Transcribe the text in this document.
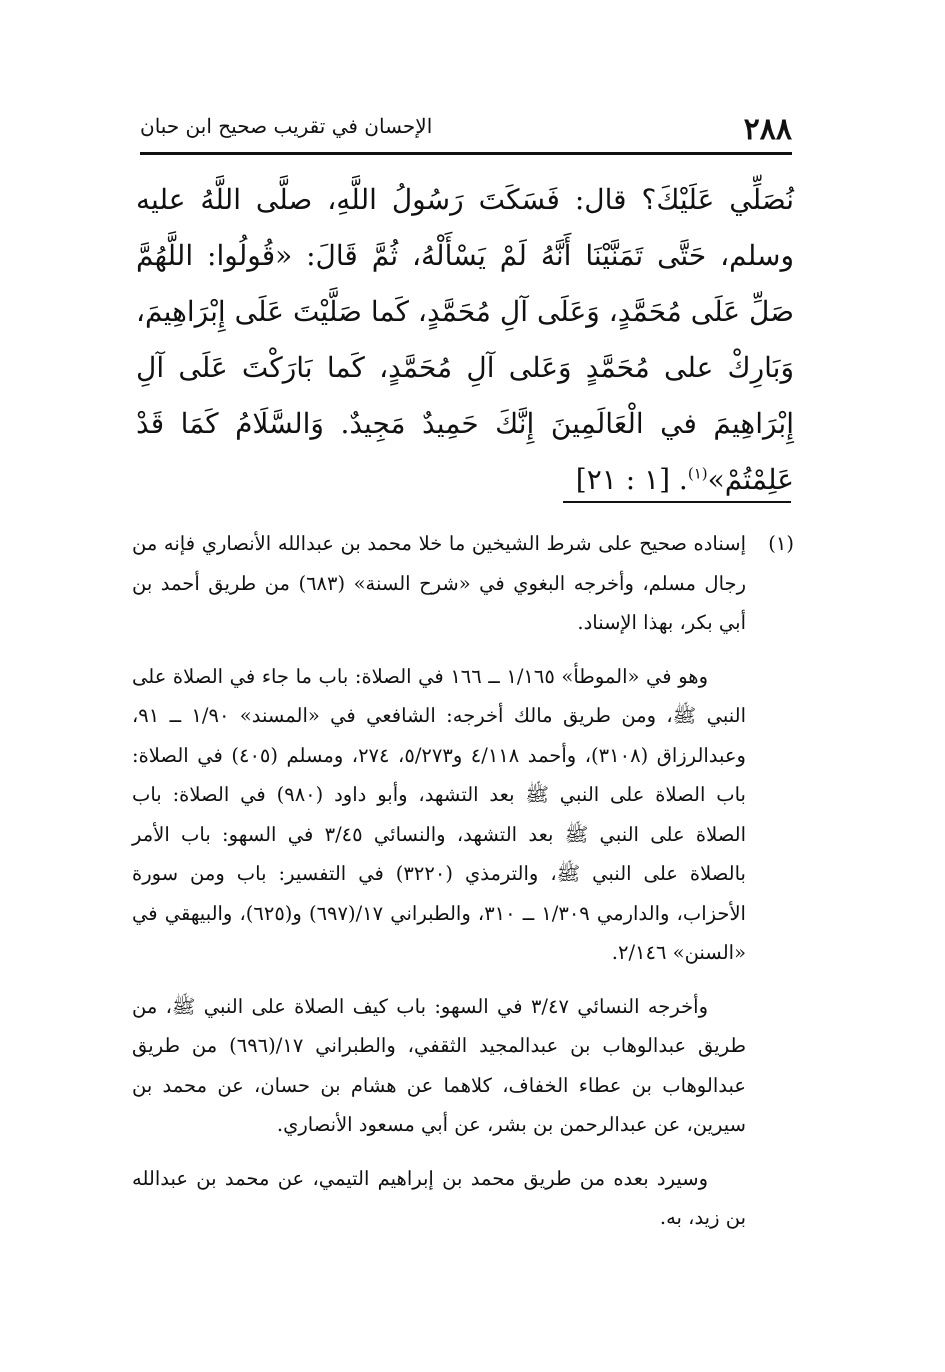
٢٨٨
الإحسان في تقريب صحيح ابن حبان

نُصَلِّي عَلَيْكَ؟ قال: فَسَكَتَ رَسُولُ اللَّهِ، صلَّى اللَّهُ عليه وسلم، حَتَّى تَمَنَّيْنَا أَنَّهُ لَمْ يَسْأَلْهُ، ثُمَّ قَالَ: «قُولُوا: اللَّهُمَّ صَلِّ عَلَى مُحَمَّدٍ، وَعَلَى آلِ مُحَمَّدٍ، كَما صَلَّيْتَ عَلَى إِبْرَاهِيمَ، وَبَارِكْ على مُحَمَّدٍ وَعَلى آلِ مُحَمَّدٍ، كَما بَارَكْتَ عَلَى آلِ إِبْرَاهِيمَ في الْعَالَمِينَ إِنَّكَ حَمِيدٌ مَجِيدٌ. وَالسَّلَامُ كَمَا قَدْ عَلِمْتُمْ»$^{(١)}$. [١ : ٢١]

(١)
إسناده صحيح على شرط الشيخين ما خلا محمد بن عبدالله الأنصاري فإنه من رجال مسلم، وأخرجه البغوي في «شرح السنة» (٦٨٣) من طريق أحمد بن أبي بكر، بهذا الإسناد.

وهو في «الموطأ» ١/١٦٥ ــ ١٦٦ في الصلاة: باب ما جاء في الصلاة على النبي ﷺ، ومن طريق مالك أخرجه: الشافعي في «المسند» ١/٩٠ ــ ٩١، وعبدالرزاق (٣١٠٨)، وأحمد ٤/١١٨ و٥/٢٧٣، ٢٧٤، ومسلم (٤٠٥) في الصلاة: باب الصلاة على النبي ﷺ بعد التشهد، وأبو داود (٩٨٠) في الصلاة: باب الصلاة على النبي ﷺ بعد التشهد، والنسائي ٣/٤٥ في السهو: باب الأمر بالصلاة على النبي ﷺ، والترمذي (٣٢٢٠) في التفسير: باب ومن سورة الأحزاب، والدارمي ١/٣٠٩ ــ ٣١٠، والطبراني ١٧/(٦٩٧) و(٦٢٥)، والبيهقي في «السنن» ٢/١٤٦.

وأخرجه النسائي ٣/٤٧ في السهو: باب كيف الصلاة على النبي ﷺ، من طريق عبدالوهاب بن عبدالمجيد الثقفي، والطبراني ١٧/(٦٩٦) من طريق عبدالوهاب بن عطاء الخفاف، كلاهما عن هشام بن حسان، عن محمد بن سيرين، عن عبدالرحمن بن بشر، عن أبي مسعود الأنصاري.

وسيرد بعده من طريق محمد بن إبراهيم التيمي، عن محمد بن عبدالله بن زيد، به.
